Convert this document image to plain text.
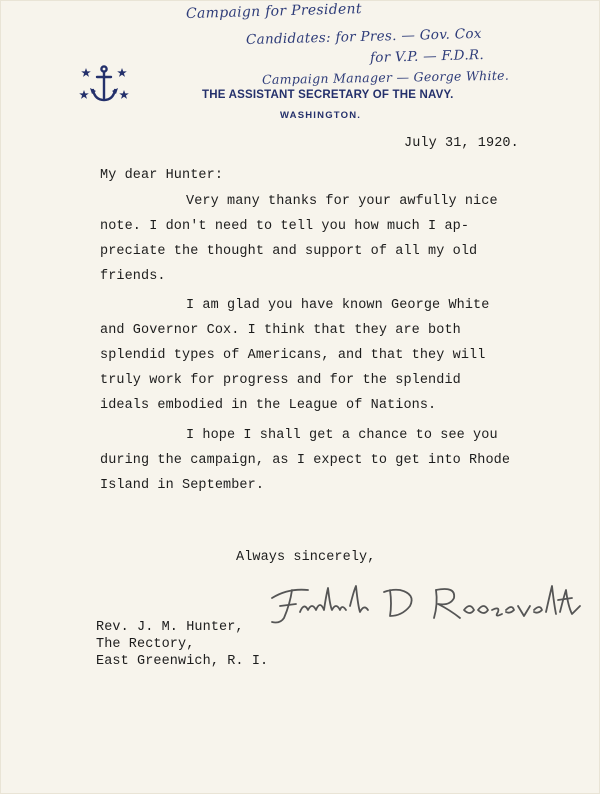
Campaign for President
Candidates: for Pres. — Gov. Cox
for V.P. — F.D.R.
Campaign Manager — George White.
THE ASSISTANT SECRETARY OF THE NAVY.
WASHINGTON.
July 31, 1920.
My dear Hunter:
Very many thanks for your awfully nice
note. I don't need to tell you how much I ap-
preciate the thought and support of all my old
friends.
I am glad you have known George White
and Governor Cox. I think that they are both
splendid types of Americans, and that they will
truly work for progress and for the splendid
ideals embodied in the League of Nations.
I hope I shall get a chance to see you
during the campaign, as I expect to get into Rhode
Island in September.
Always sincerely,
Rev. J. M. Hunter,
The Rectory,
East Greenwich, R. I.
